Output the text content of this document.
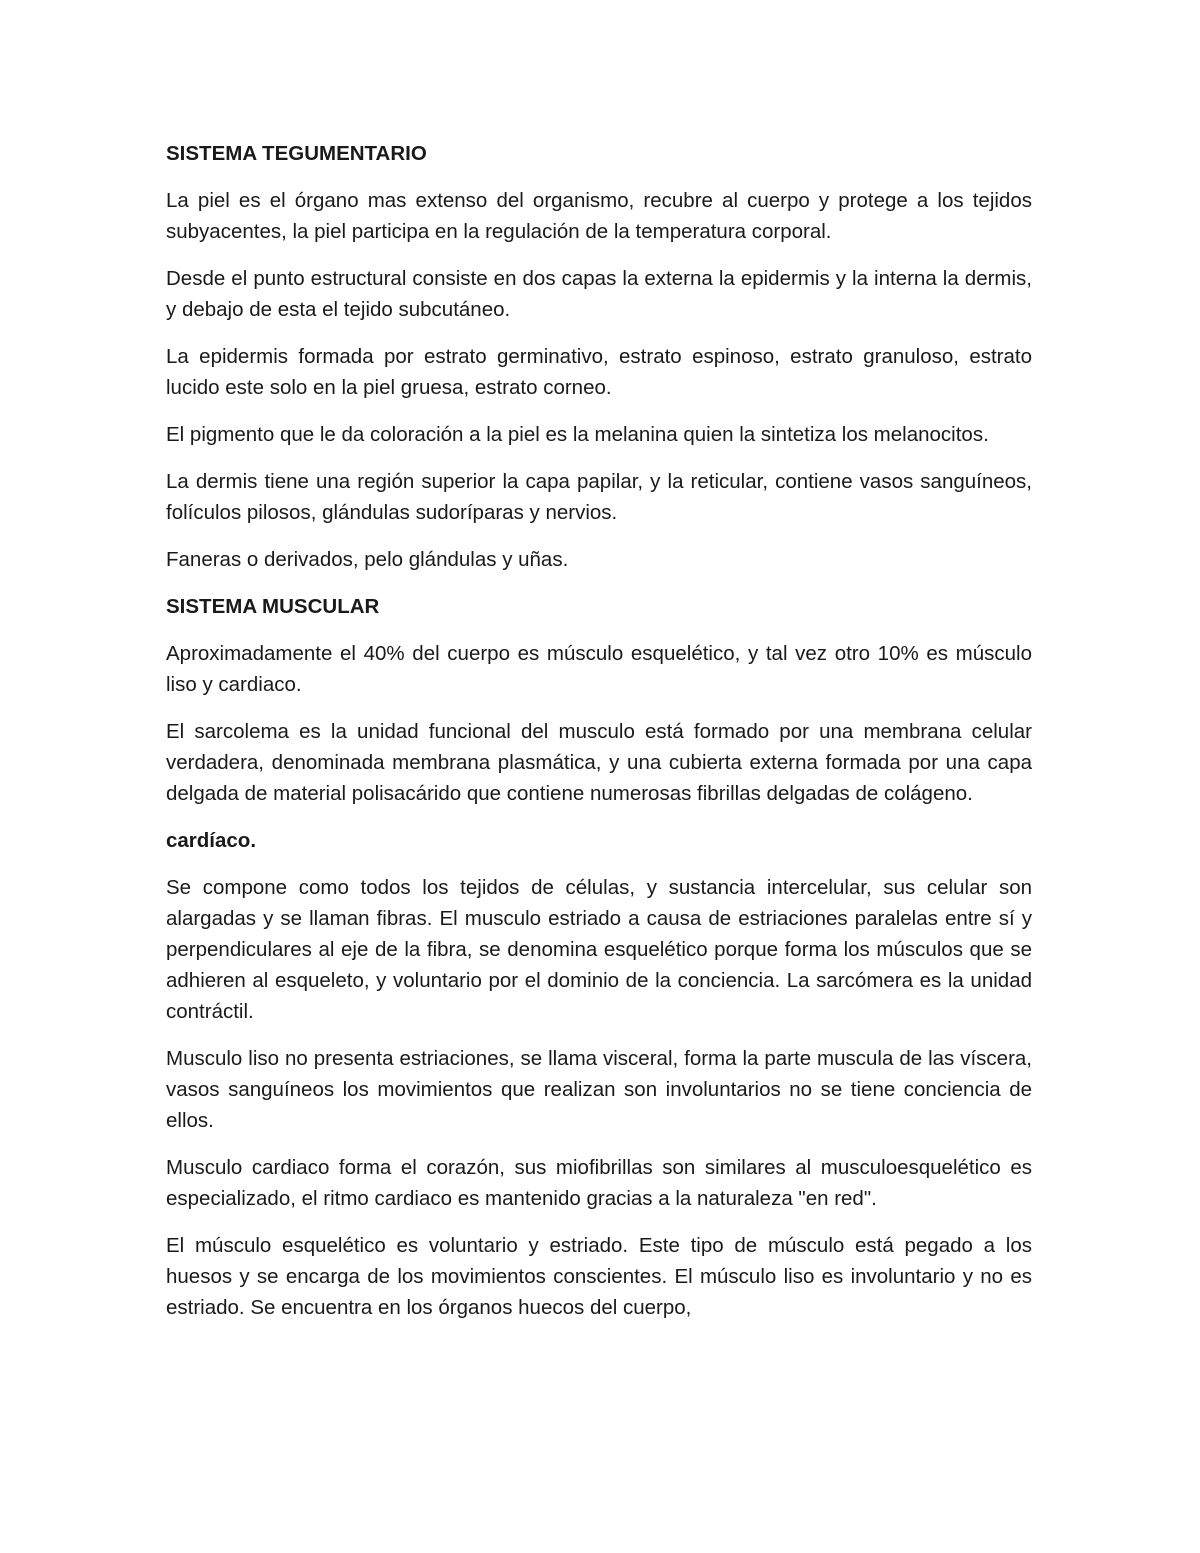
SISTEMA TEGUMENTARIO

La piel es el órgano mas extenso del organismo, recubre al cuerpo y protege a los tejidos subyacentes, la piel participa en la regulación de la temperatura corporal.

Desde el punto estructural consiste en dos capas la externa la epidermis y la interna la dermis, y debajo de esta el tejido subcutáneo.

La epidermis formada por estrato germinativo, estrato espinoso, estrato granuloso, estrato lucido este solo en la piel gruesa, estrato corneo.

El pigmento que le da coloración a la piel es la melanina quien la sintetiza los melanocitos.

La dermis tiene una región superior la capa papilar, y la reticular, contiene vasos sanguíneos, folículos pilosos, glándulas sudoríparas y nervios.

Faneras o derivados, pelo glándulas y uñas.

SISTEMA MUSCULAR

Aproximadamente el 40% del cuerpo es músculo esquelético, y tal vez otro 10% es músculo liso y cardiaco.

El sarcolema es la unidad funcional del musculo está formado por una membrana celular verdadera, denominada membrana plasmática, y una cubierta externa formada por una capa delgada de material polisacárido que contiene numerosas fibrillas delgadas de colágeno.

cardíaco.

Se compone como todos los tejidos de células, y sustancia intercelular, sus celular son alargadas y se llaman fibras. El musculo estriado a causa de estriaciones paralelas entre sí y perpendiculares al eje de la fibra, se denomina esquelético porque forma los músculos que se adhieren al esqueleto, y voluntario por el dominio de la conciencia. La sarcómera es la unidad contráctil.

Musculo liso no presenta estriaciones, se llama visceral, forma la parte muscula de las víscera, vasos sanguíneos los movimientos que realizan son involuntarios no se tiene conciencia de ellos.

Musculo cardiaco forma el corazón, sus miofibrillas son similares al musculoesquelético es especializado, el ritmo cardiaco es mantenido gracias a la naturaleza "en red".

El músculo esquelético es voluntario y estriado. Este tipo de músculo está pegado a los huesos y se encarga de los movimientos conscientes. El músculo liso es involuntario y no es estriado. Se encuentra en los órganos huecos del cuerpo,
